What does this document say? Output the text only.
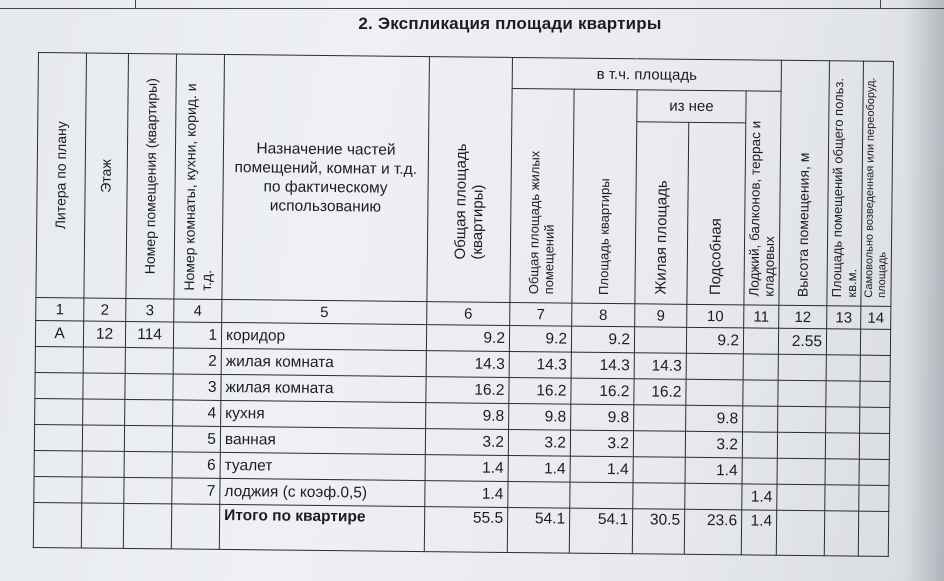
2. Экспликация площади квартиры
Литера по плану	Этаж	Номер помещения (квартиры)	Номер комнаты, кухни, корид. и т.д.	Назначение частей помещений, комнат и т.д. по фактическому использованию	Общая площадь (квартиры)	в т.ч. площадь					Высота помещения, м	Площадь помещений общего польз. кв.м.	Самовольно возведенная или переоборуд. площадь

						Общая площадь жилых помещений	Площадь квартиры	из нее		Лоджий, балконов, террас и кладовых			

								Жилая площадь	Подсобная				

1	2	3	4	5	6	7	8	9	10	11	12	13	14
А	12	114	1	коридор	9.2	9.2	9.2		9.2		2.55		
			2	жилая комната	14.3	14.3	14.3	14.3					
			3	жилая комната	16.2	16.2	16.2	16.2					
			4	кухня	9.8	9.8	9.8		9.8				
			5	ванная	3.2	3.2	3.2		3.2				
			6	туалет	1.4	1.4	1.4		1.4				
			7	лоджия (с коэф.0,5)	1.4					1.4			
				Итого по квартире	55.5	54.1	54.1	30.5	23.6	1.4			
